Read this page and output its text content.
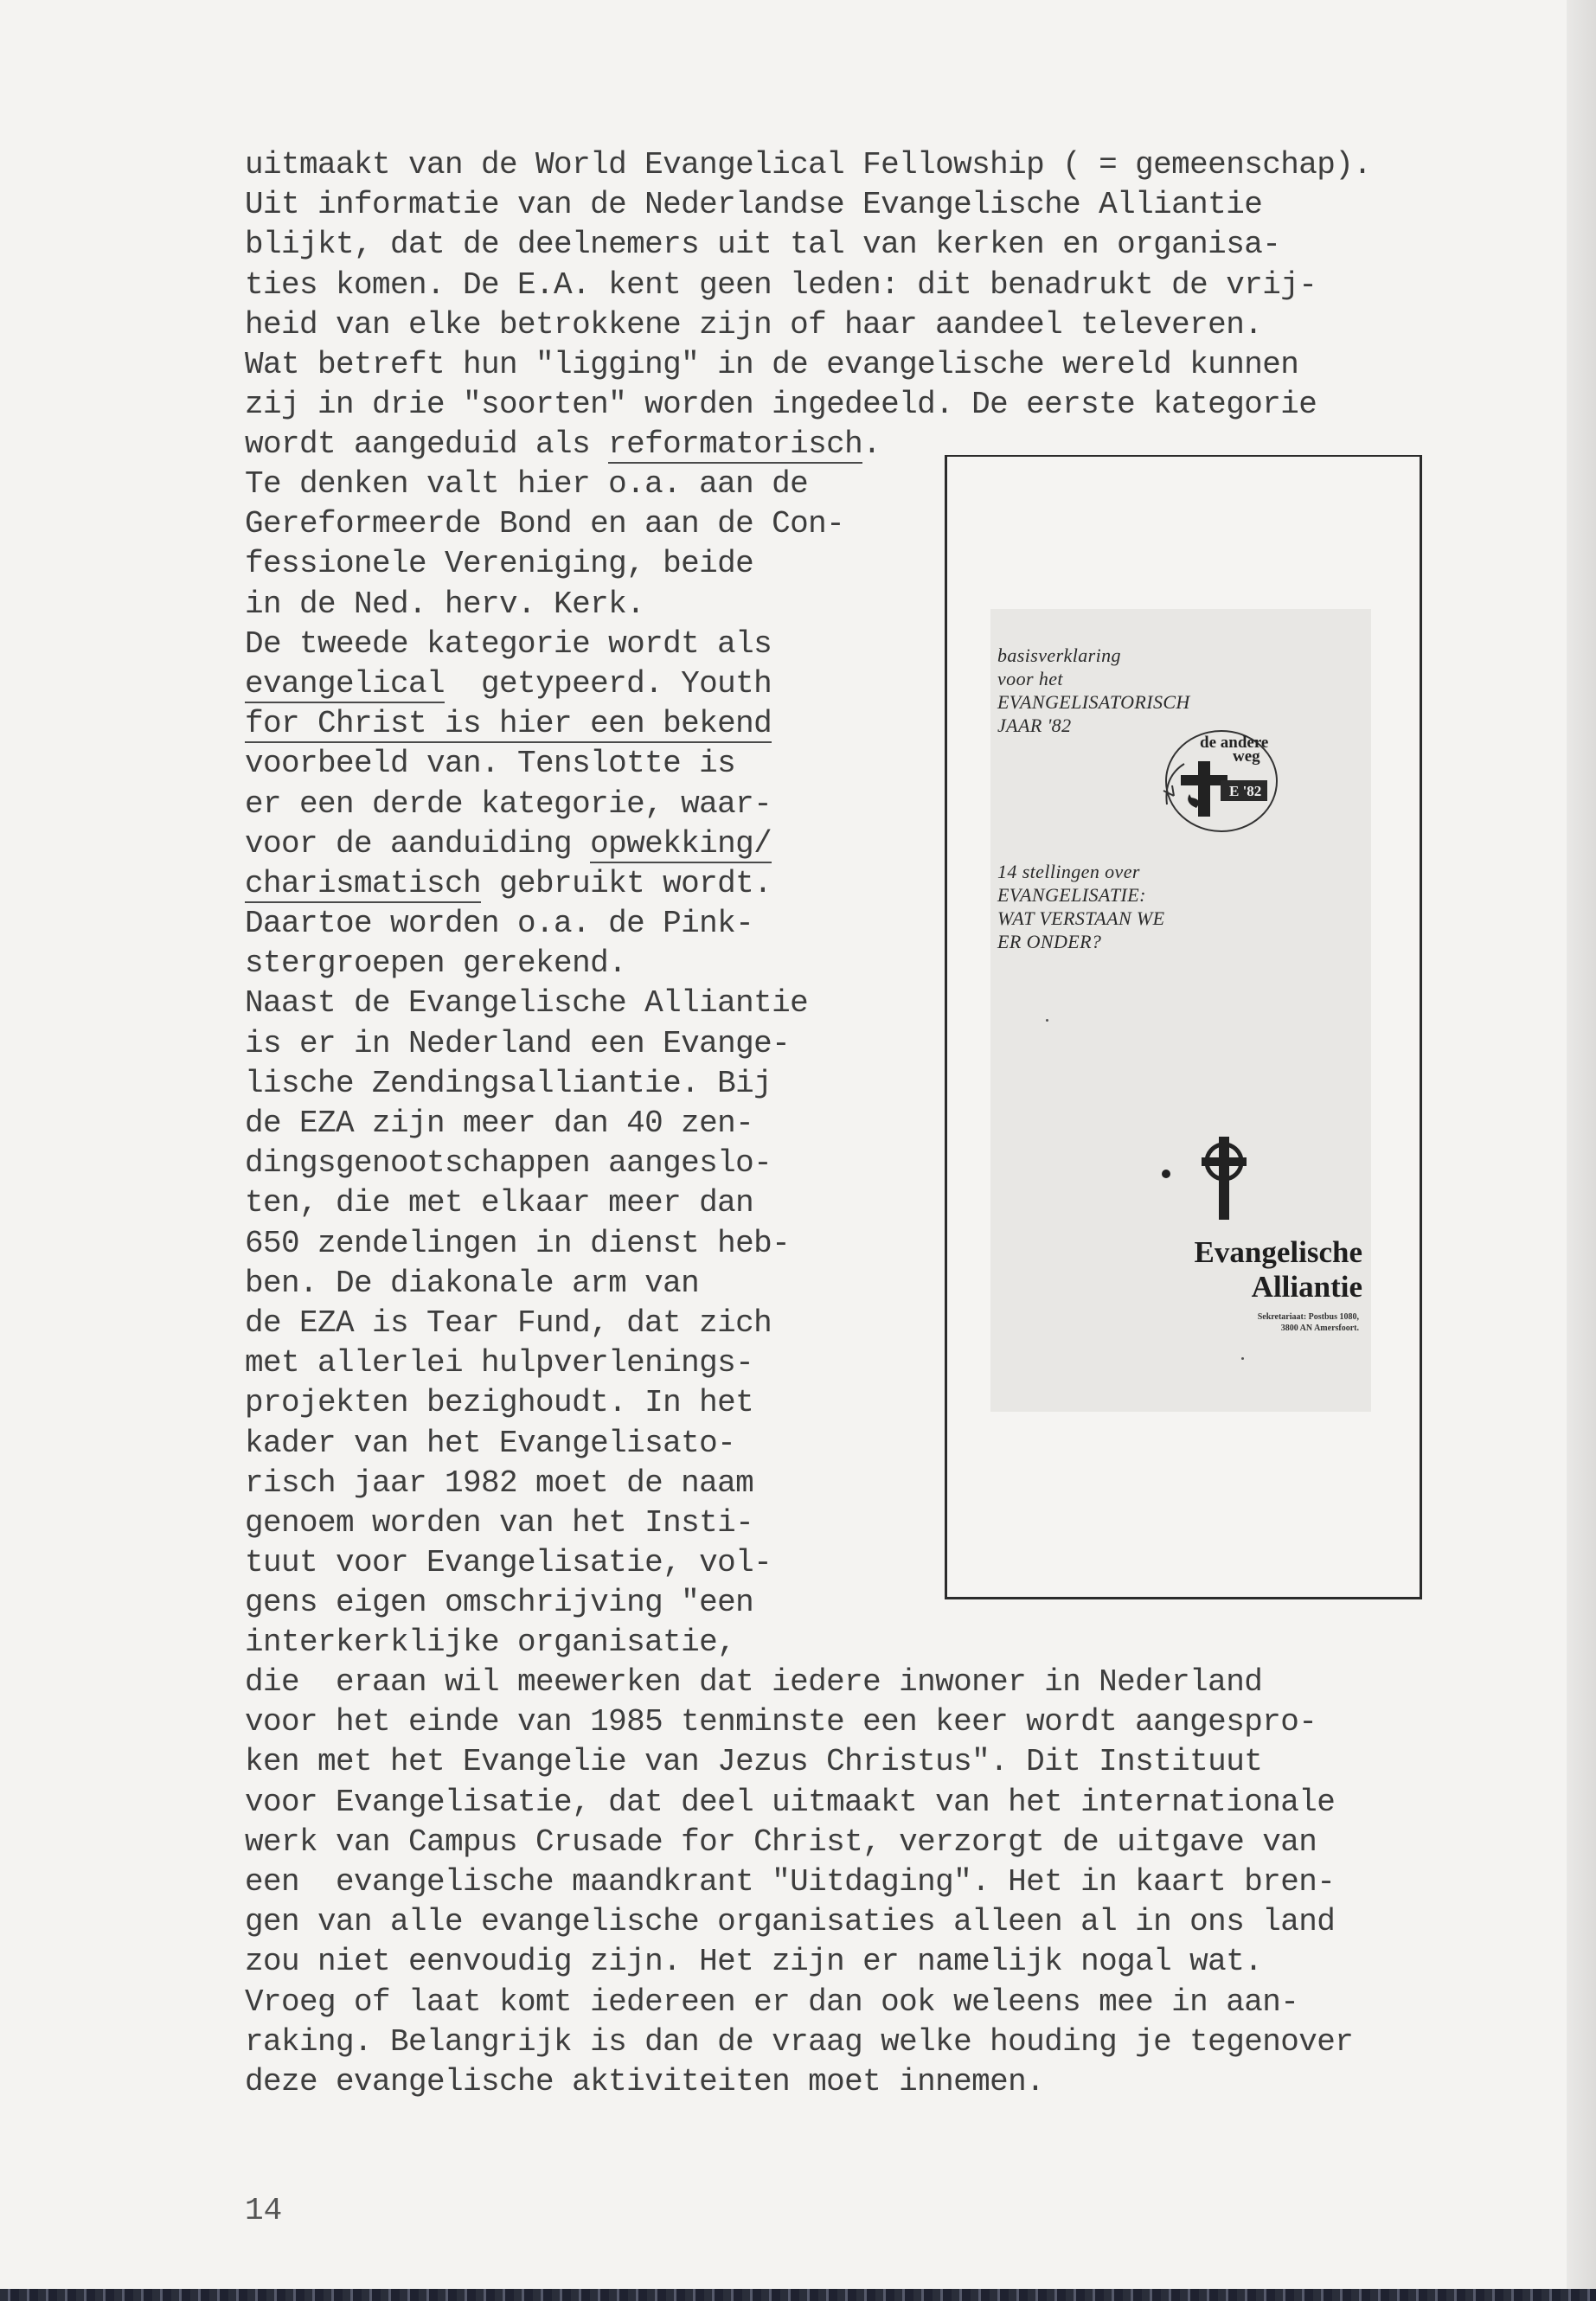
uitmaakt van de World Evangelical Fellowship ( = gemeenschap).
Uit informatie van de Nederlandse Evangelische Alliantie
blijkt, dat de deelnemers uit tal van kerken en organisa-
ties komen. De E.A. kent geen leden: dit benadrukt de vrij-
heid van elke betrokkene zijn of haar aandeel televeren.
Wat betreft hun "ligging" in de evangelische wereld kunnen
zij in drie "soorten" worden ingedeeld. De eerste kategorie
wordt aangeduid als reformatorisch.
Te denken valt hier o.a. aan de
Gereformeerde Bond en aan de Con-
fessionele Vereniging, beide
in de Ned. herv. Kerk.
De tweede kategorie wordt als
evangelical  getypeerd. Youth
for Christ is hier een bekend
voorbeeld van. Tenslotte is
er een derde kategorie, waar-
voor de aanduiding opwekking/
charismatisch gebruikt wordt.
Daartoe worden o.a. de Pink-
stergroepen gerekend.
Naast de Evangelische Alliantie
is er in Nederland een Evange-
lische Zendingsalliantie. Bij
de EZA zijn meer dan 40 zen-
dingsgenootschappen aangeslo-
ten, die met elkaar meer dan
650 zendelingen in dienst heb-
ben. De diakonale arm van
de EZA is Tear Fund, dat zich
met allerlei hulpverlenings-
projekten bezighoudt. In het
kader van het Evangelisato-
risch jaar 1982 moet de naam
genoem worden van het Insti-
tuut voor Evangelisatie, vol-
gens eigen omschrijving "een
interkerklijke organisatie,
basisverklaring
voor het
EVANGELISATORISCH
JAAR '82
de andere
weg
E '82
14 stellingen over
EVANGELISATIE:
WAT VERSTAAN WE
ER ONDER?
Evangelische
Alliantie
Sekretariaat: Postbus 1080,
3800 AN Amersfoort.
die  eraan wil meewerken dat iedere inwoner in Nederland
voor het einde van 1985 tenminste een keer wordt aangespro-
ken met het Evangelie van Jezus Christus". Dit Instituut
voor Evangelisatie, dat deel uitmaakt van het internationale
werk van Campus Crusade for Christ, verzorgt de uitgave van
een  evangelische maandkrant "Uitdaging". Het in kaart bren-
gen van alle evangelische organisaties alleen al in ons land
zou niet eenvoudig zijn. Het zijn er namelijk nogal wat.
Vroeg of laat komt iedereen er dan ook weleens mee in aan-
raking. Belangrijk is dan de vraag welke houding je tegenover
deze evangelische aktiviteiten moet innemen.
14
